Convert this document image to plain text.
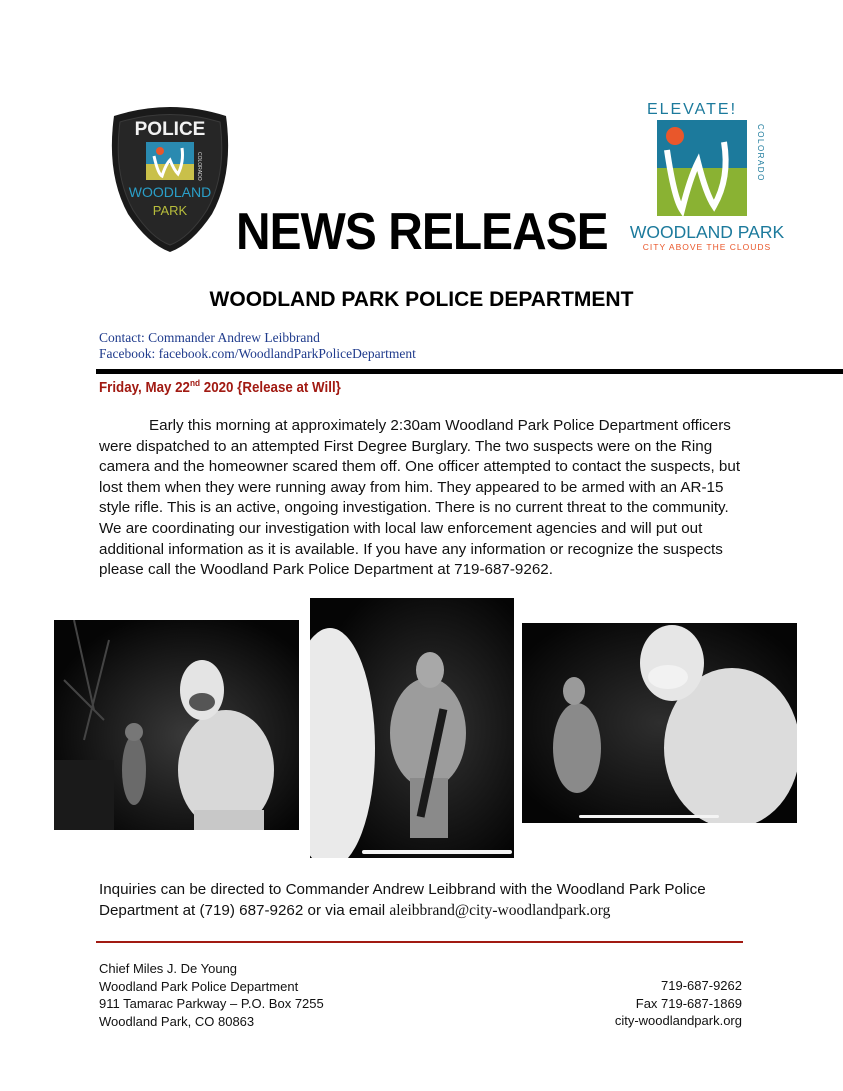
POLICE
COLORADO
WOODLAND
PARK
ELEVATE!
COLORADO
WOODLAND PARK
CITY ABOVE THE CLOUDS
NEWS RELEASE
WOODLAND PARK POLICE DEPARTMENT
Contact: Commander Andrew Leibbrand
Facebook: facebook.com/WoodlandParkPoliceDepartment
Friday, May 22nd 2020 {Release at Will}
Early this morning at approximately 2:30am Woodland Park Police Department officers were dispatched to an attempted First Degree Burglary. The two suspects were on the Ring camera and the homeowner scared them off. One officer attempted to contact the suspects, but lost them when they were running away from him. They appeared to be armed with an AR-15 style rifle. This is an active, ongoing investigation. There is no current threat to the community. We are coordinating our investigation with local law enforcement agencies and will put out additional information as it is available. If you have any information or recognize the suspects please call the Woodland Park Police Department at 719-687-9262.
Inquiries can be directed to Commander Andrew Leibbrand with the Woodland Park Police Department at (719) 687-9262 or via email aleibbrand@city-woodlandpark.org
Chief Miles J. De Young
Woodland Park Police Department
911 Tamarac Parkway – P.O. Box 7255
Woodland Park, CO 80863
719-687-9262
Fax 719-687-1869
city-woodlandpark.org
